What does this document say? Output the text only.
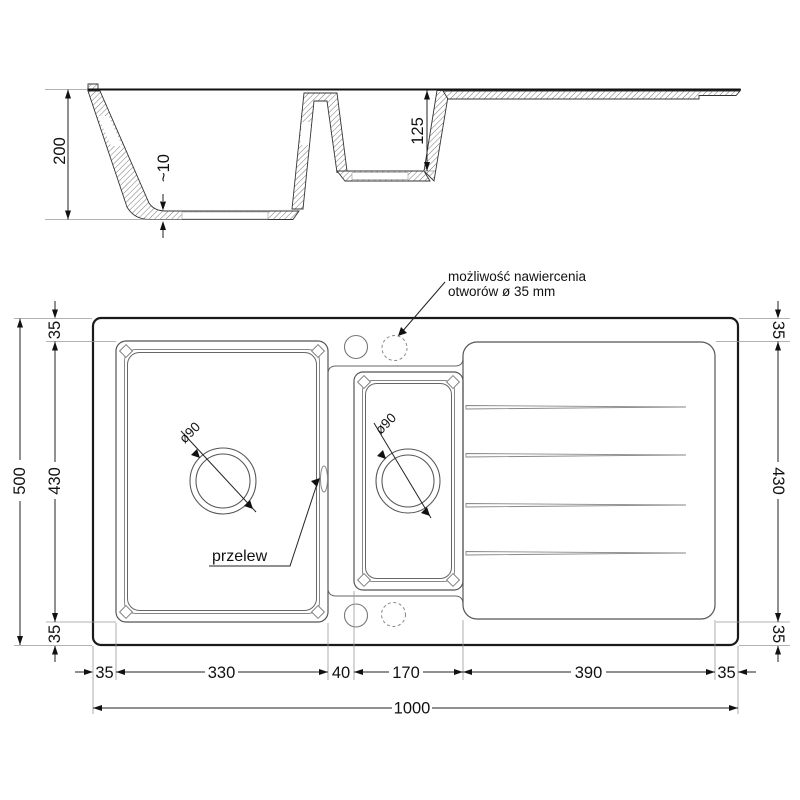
200
~10
125
ø90	ø90
możliwość nawiercenia
otworów ø 35 mm
przelew
35	330	40	170	390	35
1000
500
35
430
35
35
430
35
